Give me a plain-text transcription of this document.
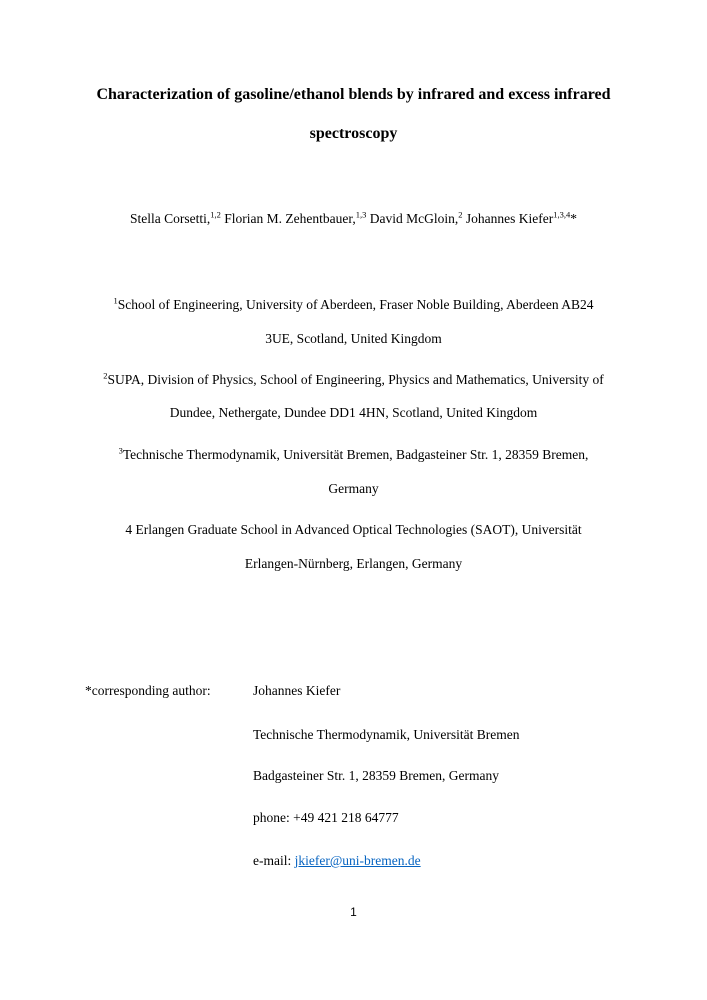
Characterization of gasoline/ethanol blends by infrared and excess infrared
spectroscopy
Stella Corsetti,$^{1,2}$ Florian M. Zehentbauer,$^{1,3}$ David McGloin,$^2$ Johannes Kiefer$^{1,3,4}$*
$^1$School of Engineering, University of Aberdeen, Fraser Noble Building, Aberdeen AB24
3UE, Scotland, United Kingdom
$^2$SUPA, Division of Physics, School of Engineering, Physics and Mathematics, University of
Dundee, Nethergate, Dundee DD1 4HN, Scotland, United Kingdom
$^3$Technische Thermodynamik, Universität Bremen, Badgasteiner Str. 1, 28359 Bremen,
Germany
4 Erlangen Graduate School in Advanced Optical Technologies (SAOT), Universität
Erlangen-Nürnberg, Erlangen, Germany
*corresponding author:	Johannes Kiefer
Technische Thermodynamik, Universität Bremen
Badgasteiner Str. 1, 28359 Bremen, Germany
phone: +49 421 218 64777
e-mail: jkiefer@uni-bremen.de
1
